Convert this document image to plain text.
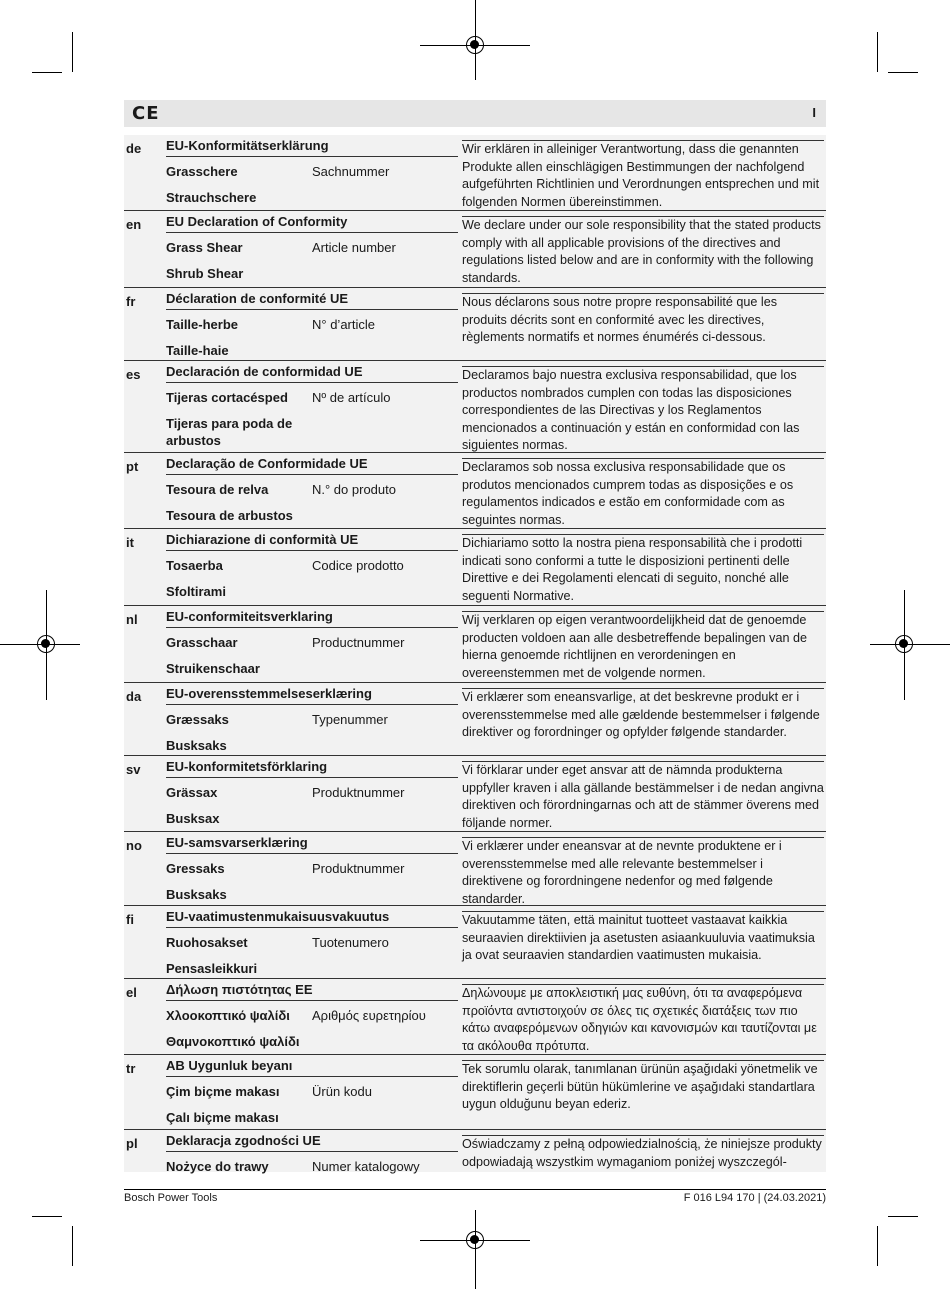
CE	I
de EU-Konformitätserklärung
Grasschere	Sachnummer
Strauchschere
Wir erklären in alleiniger Verantwortung, dass die genannten Produkte allen einschlägigen Bestimmungen der nachfolgend aufgeführten Richtlinien und Verordnungen entsprechen und mit folgenden Normen übereinstimmen.
en EU Declaration of Conformity
Grass Shear	Article number
Shrub Shear
We declare under our sole responsibility that the stated products comply with all applicable provisions of the directives and regulations listed below and are in conformity with the following standards.
fr Déclaration de conformité UE
Taille-herbe	N° d’article
Taille-haie
Nous déclarons sous notre propre responsabilité que les produits décrits sont en conformité avec les directives, règlements normatifs et normes énumérés ci-dessous.
es Declaración de conformidad UE
Tijeras cortacésped	Nº de artículo
Tijeras para poda de arbustos
Declaramos bajo nuestra exclusiva responsabilidad, que los productos nombrados cumplen con todas las disposiciones correspondientes de las Directivas y los Reglamentos mencionados a continuación y están en conformidad con las siguientes normas.
pt Declaração de Conformidade UE
Tesoura de relva	N.° do produto
Tesoura de arbustos
Declaramos sob nossa exclusiva responsabilidade que os produtos mencionados cumprem todas as disposições e os regulamentos indicados e estão em conformidade com as seguintes normas.
it Dichiarazione di conformità UE
Tosaerba	Codice prodotto
Sfoltirami
Dichiariamo sotto la nostra piena responsabilità che i prodotti indicati sono conformi a tutte le disposizioni pertinenti delle Direttive e dei Regolamenti elencati di seguito, nonché alle seguenti Normative.
nl EU-conformiteitsverklaring
Grasschaar	Productnummer
Struikenschaar
Wij verklaren op eigen verantwoordelijkheid dat de genoemde producten voldoen aan alle desbetreffende bepalingen van de hierna genoemde richtlijnen en verordeningen en overeenstemmen met de volgende normen.
da EU-overensstemmelseserklæring
Græssaks	Typenummer
Busksaks
Vi erklærer som eneansvarlige, at det beskrevne produkt er i overensstemmelse med alle gældende bestemmelser i følgende direktiver og forordninger og opfylder følgende standarder.
sv EU-konformitetsförklaring
Grässax	Produktnummer
Busksax
Vi förklarar under eget ansvar att de nämnda produkterna uppfyller kraven i alla gällande bestämmelser i de nedan angivna direktiven och förordningarnas och att de stämmer överens med följande normer.
no EU-samsvarserklæring
Gressaks	Produktnummer
Busksaks
Vi erklærer under eneansvar at de nevnte produktene er i overensstemmelse med alle relevante bestemmelser i direktivene og forordningene nedenfor og med følgende standarder.
fi EU-vaatimustenmukaisuusvakuutus
Ruohosakset	Tuotenumero
Pensasleikkuri
Vakuutamme täten, että mainitut tuotteet vastaavat kaikkia seuraavien direktiivien ja asetusten asiaankuuluvia vaatimuksia ja ovat seuraavien standardien vaatimusten mukaisia.
el Δήλωση πιστότητας ΕΕ
Χλοοκοπτικό ψαλίδι	Αριθμός ευρετηρίου
Θαμνοκοπτικό ψαλίδι
Δηλώνουμε με αποκλειστική μας ευθύνη, ότι τα αναφερόμενα προϊόντα αντιστοιχούν σε όλες τις σχετικές διατάξεις των πιο κάτω αναφερόμενων οδηγιών και κανονισμών και ταυτίζονται με τα ακόλουθα πρότυπα.
tr AB Uygunluk beyanı
Çim biçme makası	Ürün kodu
Çalı biçme makası
Tek sorumlu olarak, tanımlanan ürünün aşağıdaki yönetmelik ve direktiflerin geçerli bütün hükümlerine ve aşağıdaki standartlara uygun olduğunu beyan ederiz.
pl Deklaracja zgodności UE
Nożyce do trawy	Numer katalogowy
Oświadczamy z pełną odpowiedzialnością, że niniejsze produkty odpowiadają wszystkim wymaganiom poniżej wyszczegól-
Bosch Power Tools	F 016 L94 170 | (24.03.2021)
